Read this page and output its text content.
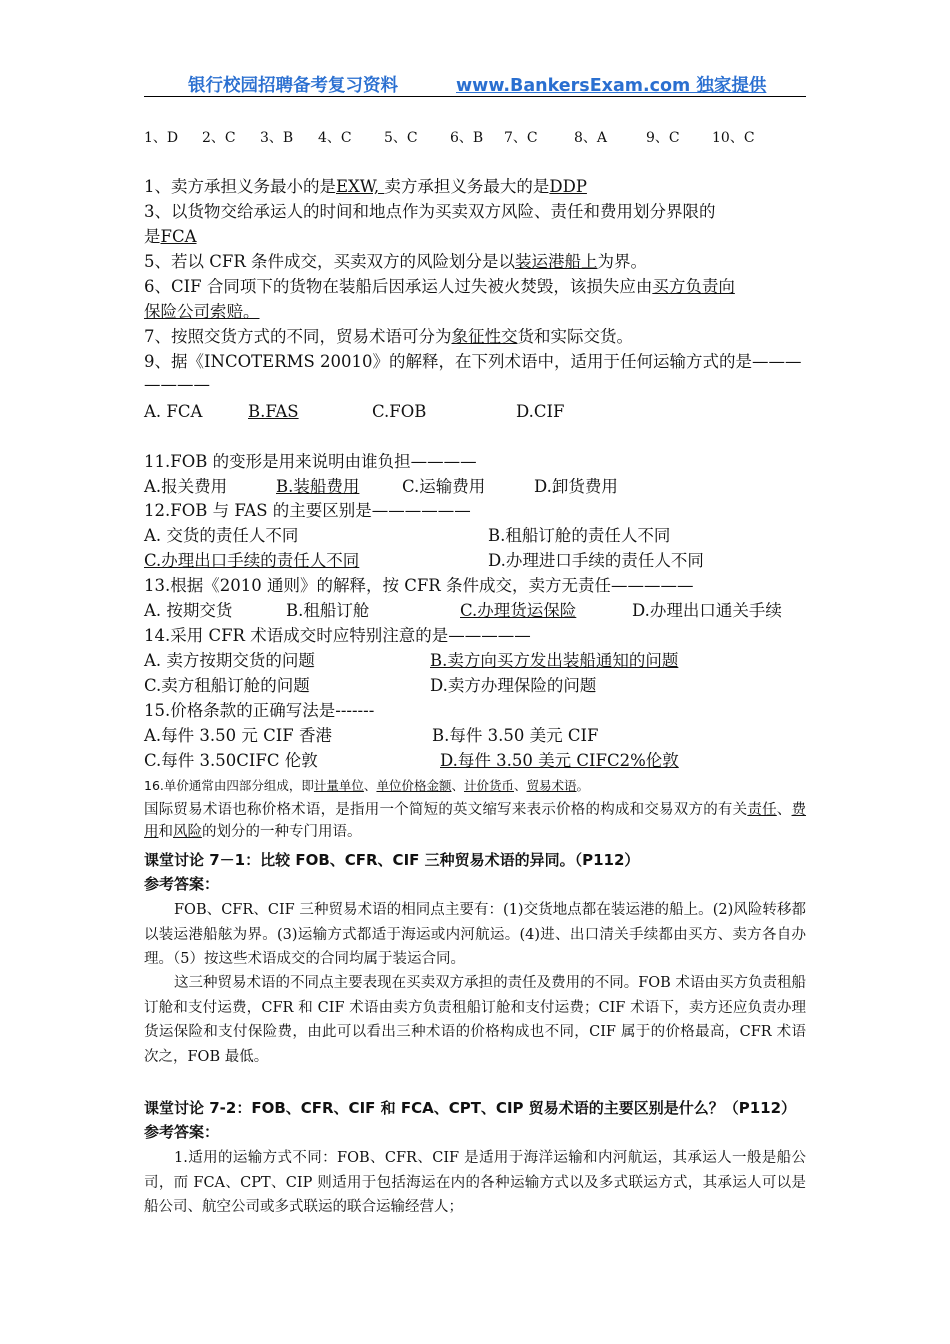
银行校园招聘备考复习资料	www.BankersExam.com 独家提供
1、D 2、C 3、B 4、C 5、C 6、B 7、C	8、A	9、C 10、C
1、卖方承担义务最小的是EXW, 卖方承担义务最大的是DDP
3、以货物交给承运人的时间和地点作为买卖双方风险、责任和费用划分界限的
是FCA
5、若以 CFR 条件成交，买卖双方的风险划分是以装运港船上为界。
6、CIF 合同项下的货物在装船后因承运人过失被火焚毁，该损失应由买方负责向
保险公司索赔。
7、按照交货方式的不同，贸易术语可分为象征性交货和实际交货。
9、据《INCOTERMS 20010》的解释，在下列术语中，适用于任何运输方式的是———
————
A. FCA	B.FAS	C.FOB	D.CIF
11.FOB 的变形是用来说明由谁负担————
A.报关费用	B.装船费用	C.运输费用	D.卸货费用
12.FOB 与 FAS 的主要区别是——————
A. 交货的责任人不同	B.租船订舱的责任人不同
C.办理出口手续的责任人不同	D.办理进口手续的责任人不同
13.根据《2010 通则》的解释，按 CFR 条件成交，卖方无责任—————
A. 按期交货	B.租船订舱	C.办理货运保险	D.办理出口通关手续
14.采用 CFR 术语成交时应特别注意的是—————
A. 卖方按期交货的问题	B.卖方向买方发出装船通知的问题
C.卖方租船订舱的问题	D.卖方办理保险的问题
15.价格条款的正确写法是-------
A.每件 3.50 元 CIF 香港	B.每件 3.50 美元 CIF
C.每件 3.50CIFC 伦敦	D.每件 3.50 美元 CIFC2%伦敦
16.单价通常由四部分组成，即计量单位、单位价格金额、计价货币、贸易术语。
国际贸易术语也称价格术语，是指用一个简短的英文缩写来表示价格的构成和交易双方的有关责任、费用和风险的划分的一种专门用语。
课堂讨论 7－1：比较 FOB、CFR、CIF 三种贸易术语的异同。（P112）
参考答案：
FOB、CFR、CIF 三种贸易术语的相同点主要有：(1)交货地点都在装运港的船上。(2)风险转移都以装运港船舷为界。(3)运输方式都适于海运或内河航运。(4)进、出口清关手续都由买方、卖方各自办理。（5）按这些术语成交的合同均属于装运合同。
这三种贸易术语的不同点主要表现在买卖双方承担的责任及费用的不同。FOB 术语由买方负责租船订舱和支付运费，CFR 和 CIF 术语由卖方负责租船订舱和支付运费；CIF 术语下，卖方还应负责办理货运保险和支付保险费，由此可以看出三种术语的价格构成也不同，CIF 属于的价格最高，CFR 术语次之，FOB 最低。
课堂讨论 7-2：FOB、CFR、CIF 和 FCA、CPT、CIP 贸易术语的主要区别是什么？（P112）
参考答案：
1.适用的运输方式不同：FOB、CFR、CIF 是适用于海洋运输和内河航运，其承运人一般是船公司，而 FCA、CPT、CIP 则适用于包括海运在内的各种运输方式以及多式联运方式，其承运人可以是船公司、航空公司或多式联运的联合运输经营人；
